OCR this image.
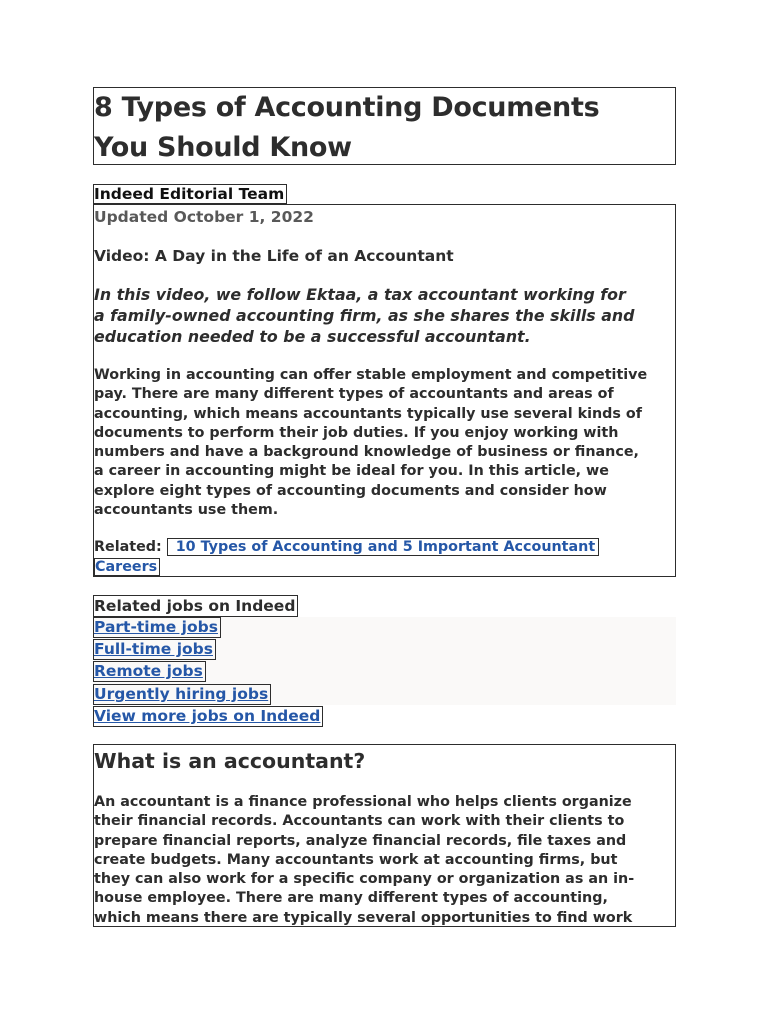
8 Types of Accounting Documents
You Should Know
Indeed Editorial Team

Updated October 1, 2022

Video: A Day in the Life of an Accountant

In this video, we follow Ektaa, a tax accountant working for
a family-owned accounting firm, as she shares the skills and
education needed to be a successful accountant.

Working in accounting can offer stable employment and competitive
pay. There are many different types of accountants and areas of
accounting, which means accountants typically use several kinds of
documents to perform their job duties. If you enjoy working with
numbers and have a background knowledge of business or finance,
a career in accounting might be ideal for you. In this article, we
explore eight types of accounting documents and consider how
accountants use them.

Related: 10 Types of Accounting and 5 Important Accountant
Careers

Related jobs on Indeed
Part-time jobs
Full-time jobs
Remote jobs
Urgently hiring jobs
View more jobs on Indeed
What is an accountant?

An accountant is a finance professional who helps clients organize
their financial records. Accountants can work with their clients to
prepare financial reports, analyze financial records, file taxes and
create budgets. Many accountants work at accounting firms, but
they can also work for a specific company or organization as an in-
house employee. There are many different types of accounting,
which means there are typically several opportunities to find work
